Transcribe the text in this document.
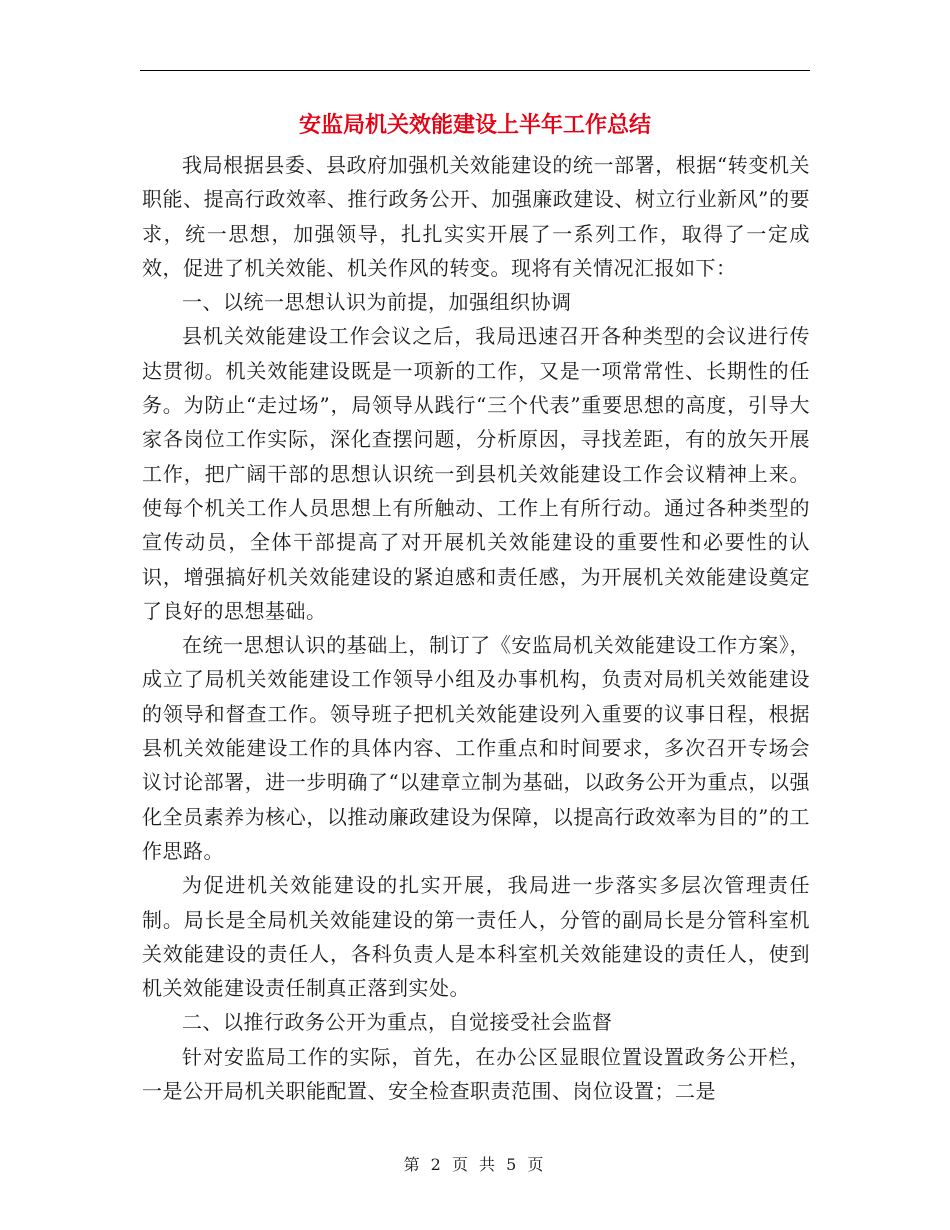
安监局机关效能建设上半年工作总结

我局根据县委、县政府加强机关效能建设的统一部署，根据“转变机关职能、提高行政效率、推行政务公开、加强廉政建设、树立行业新风”的要求，统一思想，加强领导，扎扎实实开展了一系列工作，取得了一定成效，促进了机关效能、机关作风的转变。现将有关情况汇报如下：

一、以统一思想认识为前提，加强组织协调

县机关效能建设工作会议之后，我局迅速召开各种类型的会议进行传达贯彻。机关效能建设既是一项新的工作，又是一项常常性、长期性的任务。为防止“走过场”，局领导从践行“三个代表”重要思想的高度，引导大家各岗位工作实际，深化查摆问题，分析原因，寻找差距，有的放矢开展工作，把广阔干部的思想认识统一到县机关效能建设工作会议精神上来。使每个机关工作人员思想上有所触动、工作上有所行动。通过各种类型的宣传动员，全体干部提高了对开展机关效能建设的重要性和必要性的认识，增强搞好机关效能建设的紧迫感和责任感，为开展机关效能建设奠定了良好的思想基础。

在统一思想认识的基础上，制订了《安监局机关效能建设工作方案》，成立了局机关效能建设工作领导小组及办事机构，负责对局机关效能建设的领导和督查工作。领导班子把机关效能建设列入重要的议事日程，根据县机关效能建设工作的具体内容、工作重点和时间要求，多次召开专场会议讨论部署，进一步明确了“以建章立制为基础，以政务公开为重点，以强化全员素养为核心，以推动廉政建设为保障，以提高行政效率为目的”的工作思路。

为促进机关效能建设的扎实开展，我局进一步落实多层次管理责任制。局长是全局机关效能建设的第一责任人，分管的副局长是分管科室机关效能建设的责任人，各科负责人是本科室机关效能建设的责任人，使到机关效能建设责任制真正落到实处。

二、以推行政务公开为重点，自觉接受社会监督

针对安监局工作的实际，首先，在办公区显眼位置设置政务公开栏，一是公开局机关职能配置、安全检查职责范围、岗位设置；二是

第 2 页 共 5 页
